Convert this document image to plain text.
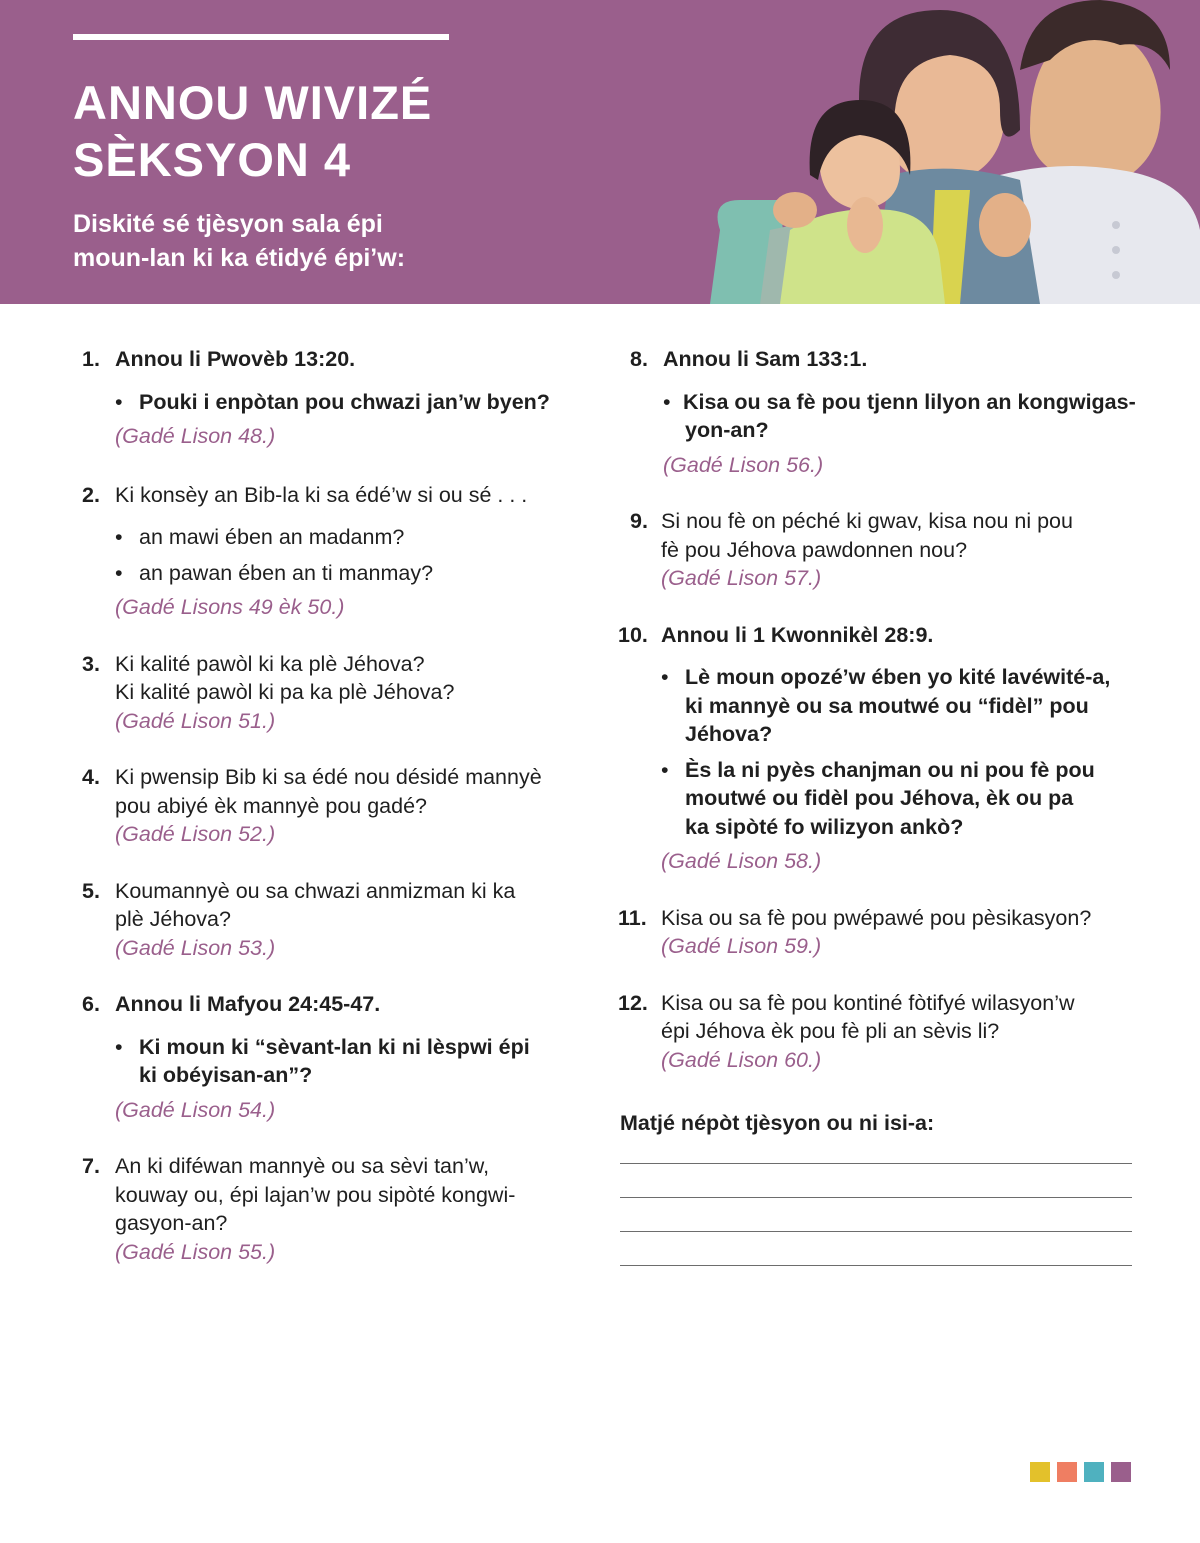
ANNOU WIVIZÉ
SÈKSYON 4

Diskité sé tjèsyon sala épi
moun-lan ki ka étidyé épi’w:

1. Annou li Pwovèb 13:20.
• Pouki i enpòtan pou chwazi jan’w byen?
(Gadé Lison 48.)
2. Ki konsèy an Bib-la ki sa édé’w si ou sé . . .
• an mawi ében an madanm?
• an pawan ében an ti manmay?
(Gadé Lisons 49 èk 50.)
3. Ki kalité pawòl ki ka plè Jéhova?
Ki kalité pawòl ki pa ka plè Jéhova?
(Gadé Lison 51.)
4. Ki pwensip Bib ki sa édé nou désidé mannyè
pou abiyé èk mannyè pou gadé?
(Gadé Lison 52.)
5. Koumannyè ou sa chwazi anmizman ki ka
plè Jéhova?
(Gadé Lison 53.)
6. Annou li Mafyou 24:45-47.
• Ki moun ki “sèvant-lan ki ni lèspwi épi
ki obéyisan-an”?
(Gadé Lison 54.)
7. An ki diféwan mannyè ou sa sèvi tan’w,
kouway ou, épi lajan’w pou sipòté kongwi-
gasyon-an?
(Gadé Lison 55.)
8. Annou li Sam 133:1.
• Kisa ou sa fè pou tjenn lilyon an kongwigas-
yon-an?
(Gadé Lison 56.)
9. Si nou fè on péché ki gwav, kisa nou ni pou
fè pou Jéhova pawdonnen nou?
(Gadé Lison 57.)
10. Annou li 1 Kwonnikèl 28:9.
• Lè moun opozé’w ében yo kité lavéwité-a,
ki mannyè ou sa moutwé ou “fidèl” pou
Jéhova?
• Ès la ni pyès chanjman ou ni pou fè pou
moutwé ou fidèl pou Jéhova, èk ou pa
ka sipòté fo wilizyon ankò?
(Gadé Lison 58.)
11. Kisa ou sa fè pou pwépawé pou pèsikasyon?
(Gadé Lison 59.)
12. Kisa ou sa fè pou kontiné fòtifyé wilasyon’w
épi Jéhova èk pou fè pli an sèvis li?
(Gadé Lison 60.)

Matjé népòt tjèsyon ou ni isi-a:
